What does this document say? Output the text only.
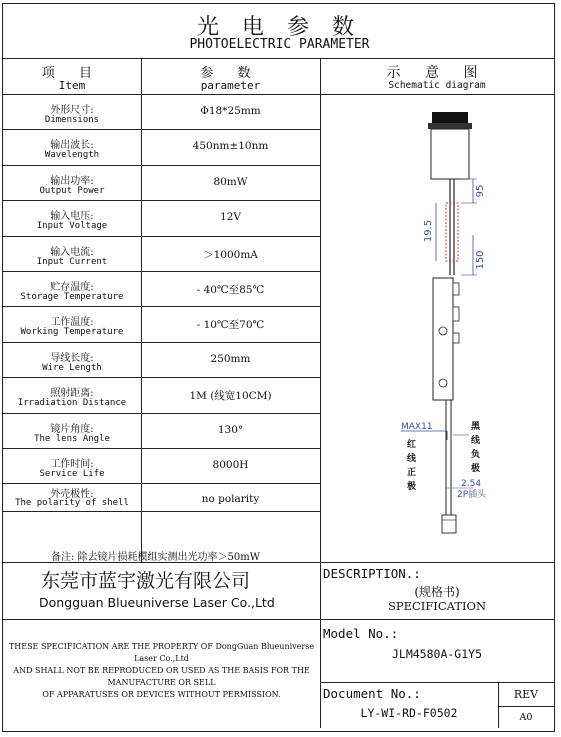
光 电 参 数
PHOTOELECTRIC PARAMETER
项 目
Item
参 数
parameter
示 意 图
Schematic diagram
外形尺寸:
Dimensions
Φ18*25mm
输出波长:
Wavelength
450nm±10nm
输出功率:
Output Power
80mW
输入电压:
Input Voltage
12V
输入电流:
Input Current
＞1000mA
贮存温度:
Storage Temperature
- 40℃至85℃
工作温度:
Working Temperature
- 10℃至70℃
导线长度:
Wire Length
250mm
照射距离:
Irradiation Distance
1M (线宽10CM)
镜片角度:
The lens Angle
130°
工作时间:
Service Life
8000H
外壳极性:
The polarity of shell	no polarity
备注: 除去镜片损耗模组实测出光功率＞50mW
95
19.5
150
MAX11
2.54
2P插头
红
线
正
极
黑
线
负
极
东莞市蓝宇激光有限公司
Dongguan Blueuniverse Laser Co.,Ltd
DESCRIPTION.:
(规格书)
SPECIFICATION
THESE SPECIFICATION ARE THE PROPERTY OF DongGuan Blueuniverse
Laser Co.,Ltd
AND SHALL NOT BE REPRODUCED OR USED AS THE BASIS FOR THE
MANUFACTURE OR SELL
OF APPARATUSES OR DEVICES WITHOUT PERMISSION.
Model No.:
JLM4580A-G1Y5
Document No.:
LY-WI-RD-F0502
REV
A0
